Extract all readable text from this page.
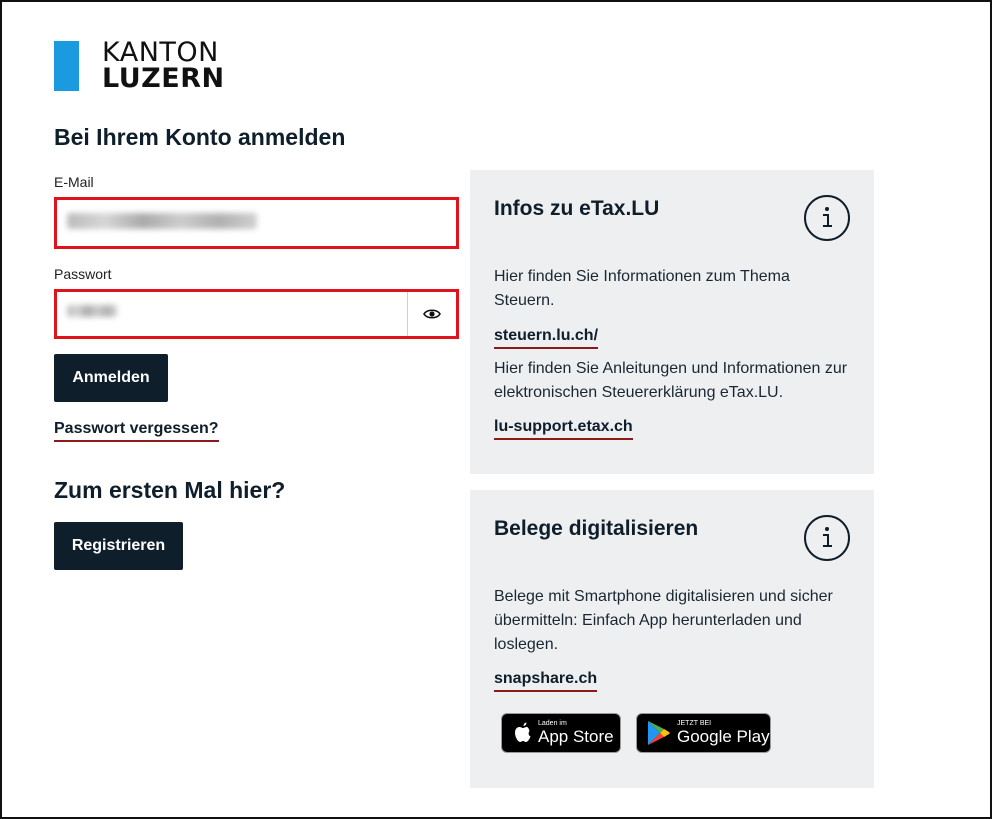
KANTON
LUZERN
Bei Ihrem Konto anmelden
E-Mail
Passwort
Anmelden
Passwort vergessen?
Zum ersten Mal hier?
Registrieren
Infos zu eTax.LU

Hier finden Sie Informationen zum Thema Steuern.

steuern.lu.ch/

Hier finden Sie Anleitungen und Informationen zur elektronischen Steuererklärung eTax.LU.

lu-support.etax.ch
Belege digitalisieren

Belege mit Smartphone digitalisieren und sicher übermitteln: Einfach App herunterladen und loslegen.

snapshare.ch
Laden im
App Store
JETZT BEI
Google Play
